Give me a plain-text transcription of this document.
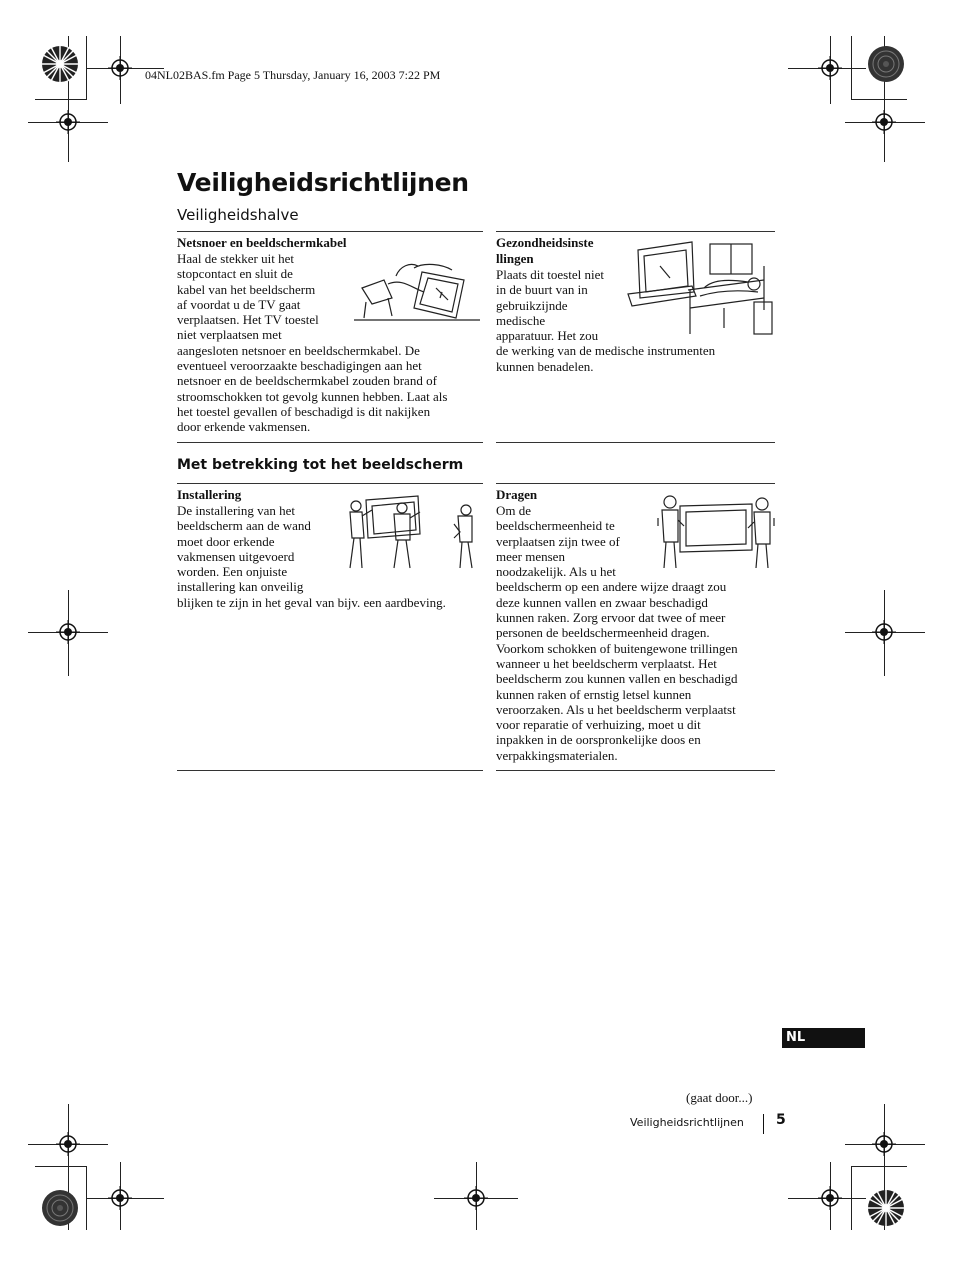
04NL02BAS.fm Page 5 Thursday, January 16, 2003 7:22 PM
Veiligheidsrichtlijnen
Veiligheidshalve
Netsnoer en beeldschermkabel
Haal de stekker uit het
stopcontact en sluit de
kabel van het beeldscherm
af voordat u de TV gaat
verplaatsen. Het TV toestel
niet verplaatsen met
aangesloten netsnoer en beeldschermkabel. De
eventueel veroorzaakte beschadigingen aan het
netsnoer en de beeldschermkabel zouden brand of
stroomschokken tot gevolg kunnen hebben. Laat als
het toestel gevallen of beschadigd is dit nakijken
door erkende vakmensen.
Gezondheidsinste
llingen
Plaats dit toestel niet
in de buurt van in
gebruikzijnde
medische
apparatuur. Het zou
de werking van de medische instrumenten
kunnen benadelen.
Met betrekking tot het beeldscherm
Installering
De installering van het
beeldscherm aan de wand
moet door erkende
vakmensen uitgevoerd
worden. Een onjuiste
installering kan onveilig
blijken te zijn in het geval van bijv. een aardbeving.
Dragen
Om de
beeldschermeenheid te
verplaatsen zijn twee of
meer mensen
noodzakelijk. Als u het
beeldscherm op een andere wijze draagt zou
deze kunnen vallen en zwaar beschadigd
kunnen raken. Zorg ervoor dat twee of meer
personen de beeldschermeenheid dragen.
Voorkom schokken of buitengewone trillingen
wanneer u het beeldscherm verplaatst. Het
beeldscherm zou kunnen vallen en beschadigd
kunnen raken of ernstig letsel kunnen
veroorzaken. Als u het beeldscherm verplaatst
voor reparatie of verhuizing, moet u dit
inpakken in de oorspronkelijke doos en
verpakkingsmaterialen.
NL
(gaat door...)
Veiligheidsrichtlijnen 5
